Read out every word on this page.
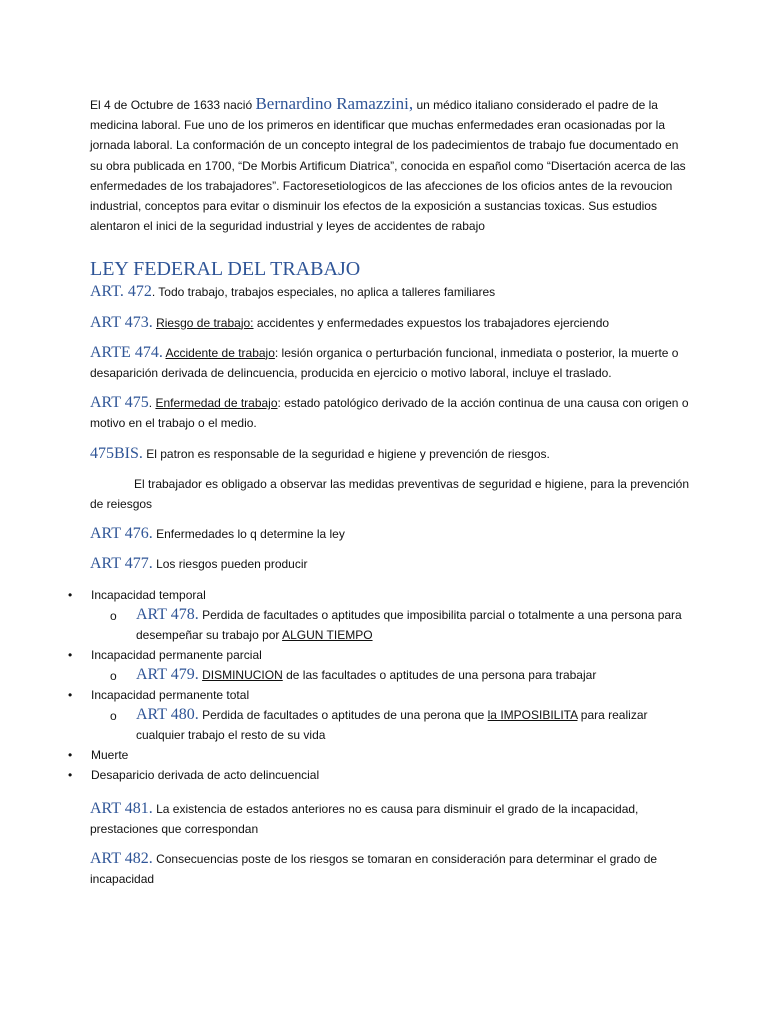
El 4 de Octubre de 1633 nació Bernardino Ramazzini, un médico italiano considerado el padre de la medicina laboral. Fue uno de los primeros en identificar que muchas enfermedades eran ocasionadas por la jornada laboral. La conformación de un concepto integral de los padecimientos de trabajo fue documentado en su obra publicada en 1700, “De Morbis Artificum Diatrica”, conocida en español como “Disertación acerca de las enfermedades de los trabajadores”. Factoresetiologicos de las afecciones de los oficios antes de la revoucion industrial, conceptos para evitar o disminuir los efectos de la exposición a sustancias toxicas. Sus estudios alentaron el inici de la seguridad industrial y leyes de accidentes de rabajo

LEY FEDERAL DEL TRABAJO

ART. 472. Todo trabajo, trabajos especiales, no aplica a talleres familiares

ART 473. Riesgo de trabajo: accidentes y enfermedades expuestos los trabajadores ejerciendo

ARTE 474. Accidente de trabajo: lesión organica o perturbación funcional, inmediata o posterior, la muerte o desaparición derivada de delincuencia, producida en ejercicio o motivo laboral, incluye el traslado.

ART 475. Enfermedad de trabajo: estado patológico derivado de la acción continua de una causa con origen o motivo en el trabajo o el medio.

475BIS. El patron es responsable de la seguridad e higiene y prevención de riesgos.

El trabajador es obligado a observar las medidas preventivas de seguridad e higiene, para la prevención de reiesgos

ART 476. Enfermedades lo q determine la ley

ART 477. Los riesgos pueden producir

• Incapacidad temporal
o ART 478. Perdida de facultades o aptitudes que imposibilita parcial o totalmente a una persona para desempeñar su trabajo por ALGUN TIEMPO
• Incapacidad permanente parcial
o ART 479. DISMINUCION de las facultades o aptitudes de una persona para trabajar
• Incapacidad permanente total
o ART 480. Perdida de facultades o aptitudes de una perona que la IMPOSIBILITA para realizar cualquier trabajo el resto de su vida
• Muerte
• Desaparicio derivada de acto delincuencial

ART 481. La existencia de estados anteriores no es causa para disminuir el grado de la incapacidad, prestaciones que correspondan

ART 482. Consecuencias poste de los riesgos se tomaran en consideración para determinar el grado de incapacidad
